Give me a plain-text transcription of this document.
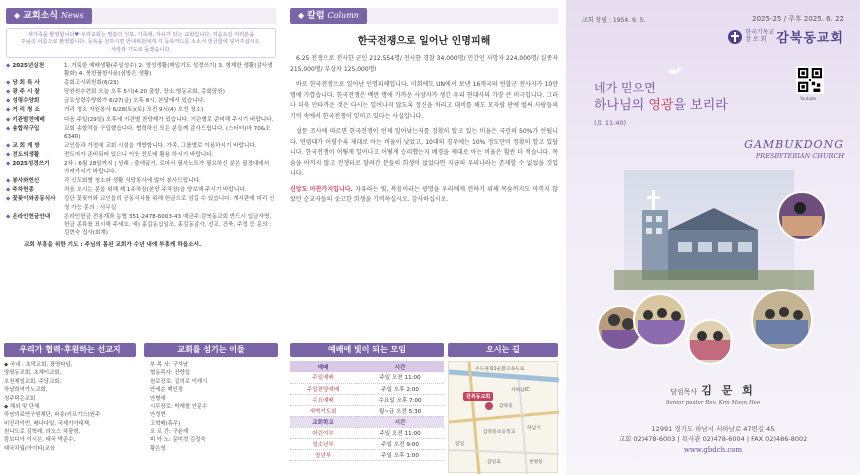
◆ 교회소식 News
새가족을 환영합니다♥ 우리교회는 말씀의 선포, 가족애, 자유가 있는 교회입니다. 처음오신 여러분을
주님의 이름으로 환영합니다. 등록을 원하시면 안내위원에게 기 등록카드를 소소서 헌금함에 넣어주십시오.
사랑과 기도로 돕겠습니다.
◆ 2025년실천	1. 거룩한 예배생활(주일성수) 2. 영성생활(매일기도 성경쓰기) 3. 형제한 생활(감사생활화) 4. 북한품함사용(심방은 생활)
◆ 당 회 특 사	총회고시위원회(6/23)
◆ 광 주 시 찰	담원원수련회 오늘 오후 5시(4:20 출발, 장소:영동교회, 총회담원)
◆ 성령수양회	금요성령수양회가 6/27(금) 오후 8시, 본당에서 있습니다.
◆ 거 리 청 소	거리 청소 자원봉사 6/28(토)(토) 오전 9시(4) 오전 청소)
◆ 기관발전예배	다음 주일(29일) 오후에 기관별 찬양제가 있습니다. 기관별로 준비해 주시기 바랍니다.
◆ 송합작구입	교회 송합작을 구입했습니다. 협력하신 모든 분들께 감사드립니다. (스터터)마 70&소 6340)
◆ 교 회 게 방	교인들과 가정에 교회 시설을 개방합니다. 가족, 그룹별로 이용하시기 바랍니다.
◆ 전도의생활	전도지가 준비되어 있으니 이웃 전도에 활용 하시기 바랍니다.
◆ 2025성경쓰기	2차 : 6월 28일까지 | 성래 : 출애굽기, 로마서 필사노트가 필요하신 분은 필경대에서 가져가시기 바랍니다.
◆ 봉사와헌신	각 신도회별 청소와 생활 식당봉사에 많이 봉사드립니다.
◆ 주차헌종	처음 오시는 분을 위해 제 1주차장(본당 주차장)을 양보해 주시기 바랍니다.
◆ 꽃꽂이와공동식사	강단 꽃꽂이와 교인들의 공동식사를 위해 헌금으로 섬길 수 있습니다. 게시판에 미리 신청 가능 문의 : 사무실
◆ 온라인헌금안내	온라인헌금 전용계좌 농협 351-2478-6003-43 예금주:감북동교회 반드시 입금자명, 헌금 종류를 표시해 주세요. 예) 홍길동십일조, 홍길동감사, 선교, 건축, 주정 등 문의 : 김현숙 집사(회계)
교회 부흥을 위한 기도 : 주님의 몸된 교회가 수년 내에 부흥케 하옵소서.
우리가 협력·후원하는 선교지
◆ 국내 : 초막교회, 광명타임,
양평동교회, 초체이교회,
오천제일교회, 주당교회,
하남희여가노교회,
청주탁은교회
◆ 해외 및 단체
하남의료연구원제단, 파송(키르기스)원주
비진리이빈, 베나다일, 국제기아대책,
원니도로 김혁래, 라오스 차광형,
캄보디아 이시은, 태국 박준수,
태국차월(아이티)교육
교회를 섬기는 이들
부 목 사: 구자남
협동목사: 진향섭
원로장로: 김의로 이재시
안에순 백인정
안병애
시무장로: 박제철 안문수
안정현
고혁배(휴무)
오 르 간: 구윤재
피 아 노: 문미경 김정숙
황은영
◆ 칼럼 Column
한국전쟁으로 일어난 인명피해

6.25 전쟁으로 전사한 군인 212,554명/ 전사한 경찰 34,000명/ 민간인 사망자 224,000명/ 실종자 215,000명/ 부상자 125,000명!

바로 한국전쟁으로 일어난 인명피해입니다. 미회에도 UN에서 보낸 16개국의 연합군 전사자가 10만 명에 가깝습니다. 한국전쟁은 백만 명에 가까운 사상자가 생긴 우리 현대사의 가장 큰 비극입니다. 그러나 더욱 안타까운 것은 다시는 일어나지 않도록 정신을 차리고 대비를 해도 모자랄 판에 벌써 사람들의 기억 속에서 한국전쟁이 잊히고 있다는 사실입니다.

설문 조사에 따르면 한국전쟁이 언제 일어났는지를 정확히 알고 있는 비율은 국민의 50%가 안됩니다. 연령대가 어릴수록 제대로 아는 비율이 낮았고, 10대의 경우에는 10% 정도만이 정확히 알고 있답니다. 한국전쟁이 어떻게 일어나고 어떻게 승리했는지 배경을 제대로 아는 비율은 훨씬 더 적습니다. 목숨을 아끼지 않고 전쟁터로 달려간 분들의 희생이 없었다면 지금의 우리나라는 존재할 수 없었을 것입니다.

신앙도 마찬가지입니다. 자유라는 빛, 복음이라는 광명을 우리에게 전하기 위해 목숨까지도 아끼지 않았던 순교자들의 숭고한 희생을 기억하십시오. 감사하십시오.

예배에 빛이 되는 모임
예배	시간
주일예배	주일 오전 11:00
주일찬양예배	주일 오후 2:00
수요예배	수요일 오후 7:00
새벽기도회	월~금 오전 5:30
교회학교	시간
어린이부	주일 오전 11:00
청소년부	주일 오전 9:00
청년부	주일 오후 1:00
오시는 길
수도권제1순환고속도로
서하남IC
감북동교회
감북동
하남시
감북동초등학교
감일
천현동
감일로
교회 창립 : 1954. 9. 5.	2025-25 / 주후 2025. 6. 22
한국기독교
장 로 회 감북동교회
Youtube
네가 믿으면
하나님의 영광을 보리라
(요 11:40)
GAMBUKDONG
PRESBYTERIAN CHURCH
담임목사 김 문 희
Senior pastor Rev. Kim Moon Hee
12991 경기도 하남시 서하남로 47번길 45
교회 02)478-6003 | 목사관 02)478-6004 | FAX 02)486-8002
www.gbdch.com
